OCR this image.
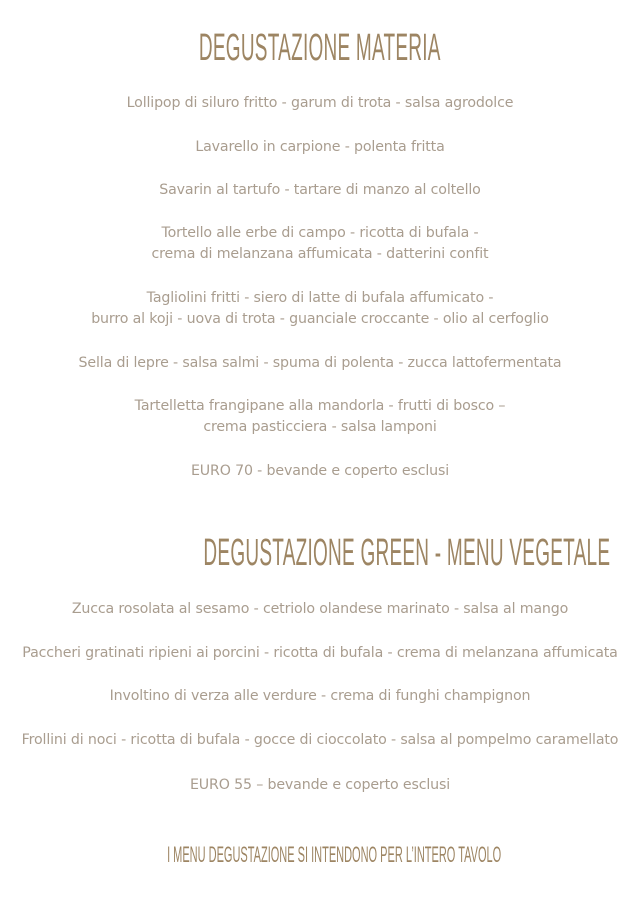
DEGUSTAZIONE MATERIA
Lollipop di siluro fritto - garum di trota - salsa agrodolce
Lavarello in carpione - polenta fritta
Savarin al tartufo - tartare di manzo al coltello
Tortello alle erbe di campo - ricotta di bufala -
crema di melanzana affumicata - datterini confit
Tagliolini fritti - siero di latte di bufala affumicato -
burro al koji - uova di trota - guanciale croccante - olio al cerfoglio
Sella di lepre - salsa salmi - spuma di polenta - zucca lattofermentata
Tartelletta frangipane alla mandorla - frutti di bosco –
crema pasticciera - salsa lamponi
EURO 70 - bevande e coperto esclusi
DEGUSTAZIONE GREEN - MENU VEGETALE
Zucca rosolata al sesamo - cetriolo olandese marinato - salsa al mango
Paccheri gratinati ripieni ai porcini - ricotta di bufala - crema di melanzana affumicata
Involtino di verza alle verdure - crema di funghi champignon
Frollini di noci - ricotta di bufala - gocce di cioccolato - salsa al pompelmo caramellato
EURO 55 – bevande e coperto esclusi
I MENU DEGUSTAZIONE SI INTENDONO PER L’INTERO TAVOLO
